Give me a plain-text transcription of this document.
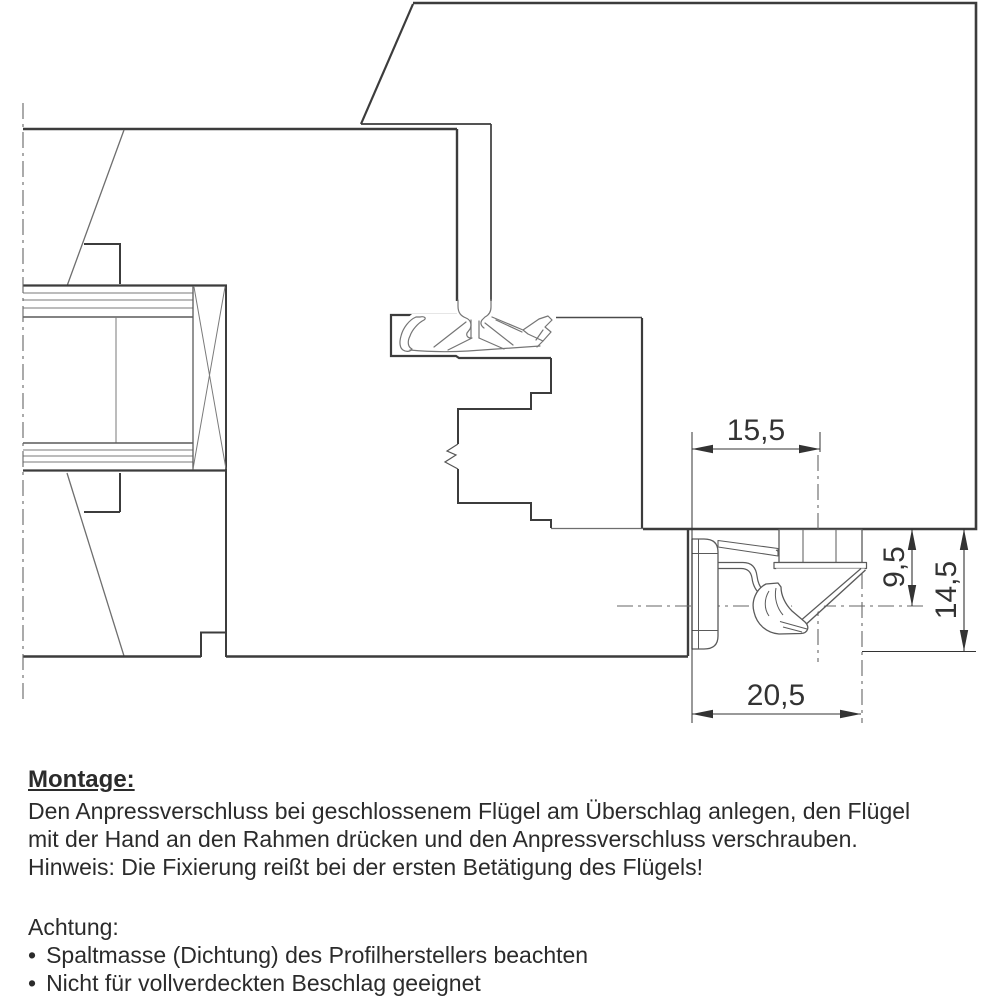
15,5
20,5
9,5 14,5
Montage:
Den Anpressverschluss bei geschlossenem Flügel am Überschlag anlegen, den Flügel
mit der Hand an den Rahmen drücken und den Anpressverschluss verschrauben.
Hinweis: Die Fixierung reißt bei der ersten Betätigung des Flügels!
Achtung:
• Spaltmasse (Dichtung) des Profilherstellers beachten
• Nicht für vollverdeckten Beschlag geeignet
